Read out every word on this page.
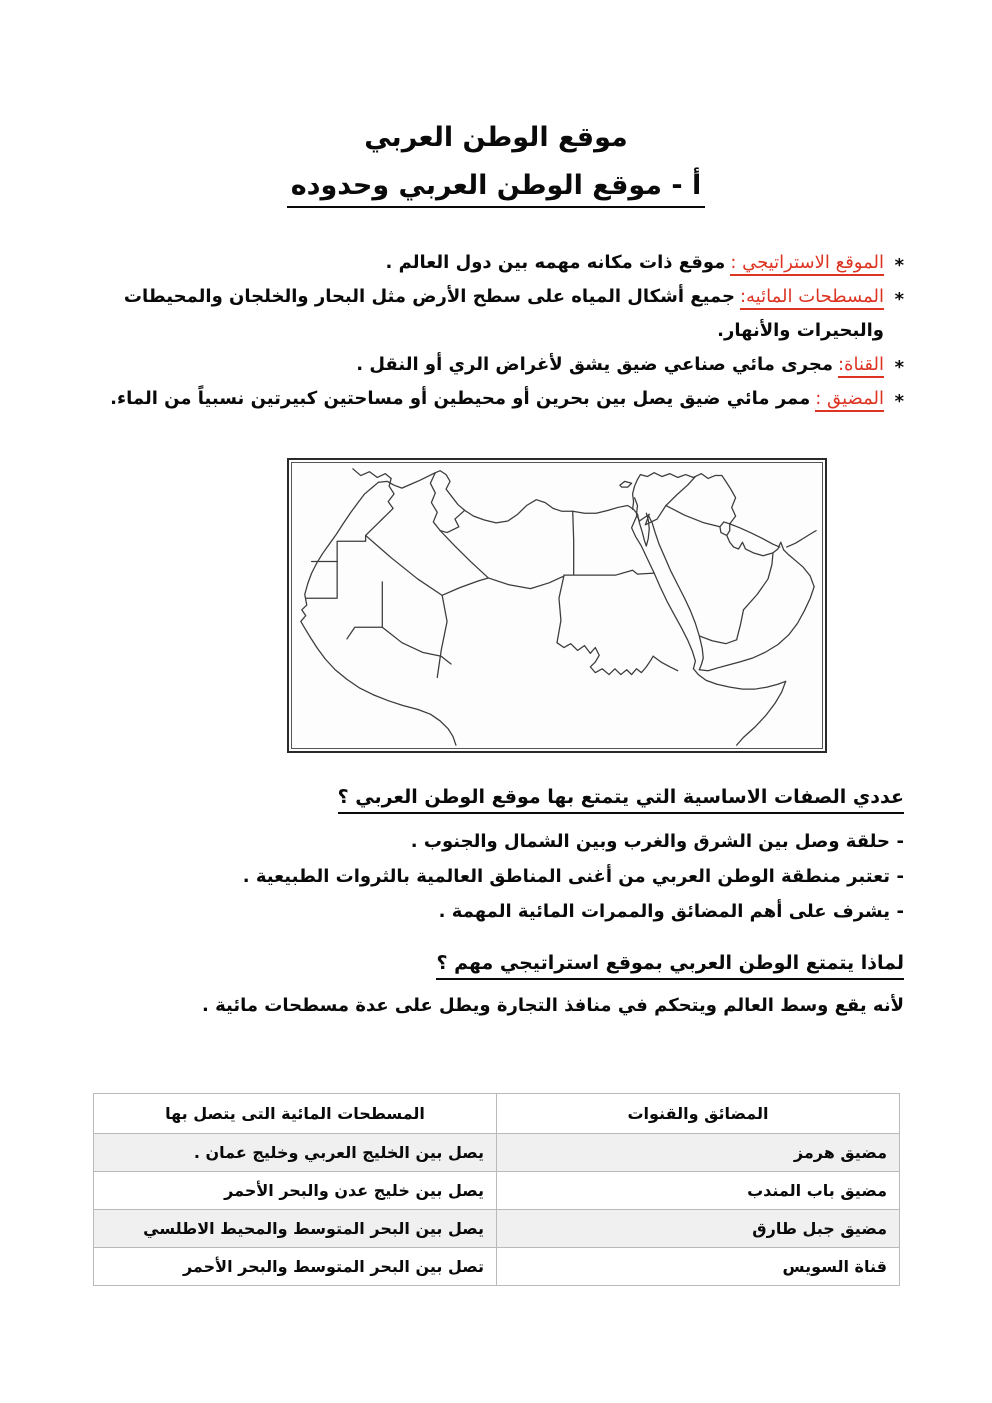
موقع الوطن العربي
أ - موقع الوطن العربي وحدوده
*
الموقع الاستراتيجي :موقع ذات مكانه مهمه بين دول العالم .
*
المسطحات المائيه:جميع أشكال المياه على سطح الأرض مثل البحار والخلجان والمحيطات والبحيرات والأنهار.
*
القناة:مجرى مائي صناعي ضيق يشق لأغراض الري أو النقل .
*
المضيق :ممر مائي ضيق يصل بين بحرين أو محيطين أو مساحتين كبيرتين نسبياً من الماء.
عددي الصفات الاساسية التي يتمتع بها موقع الوطن العربي ؟
-
حلقة وصل بين الشرق والغرب وبين الشمال والجنوب .
-
تعتبر منطقة الوطن العربي من أغنى المناطق العالمية بالثروات الطبيعية .
-
يشرف على أهم المضائق والممرات المائية المهمة .
لماذا يتمتع الوطن العربي بموقع استراتيجي مهم ؟
لأنه يقع وسط العالم ويتحكم في منافذ التجارة ويطل على عدة مسطحات مائية .
المضائق والقنوات	المسطحات المائية التى يتصل بها
مضيق هرمز	يصل بين الخليج العربي وخليج عمان .
مضيق باب المندب	يصل بين خليج عدن والبحر الأحمر
مضيق جبل طارق	يصل بين البحر المتوسط والمحيط الاطلسي
قناة السويس	تصل بين البحر المتوسط والبحر الأحمر
